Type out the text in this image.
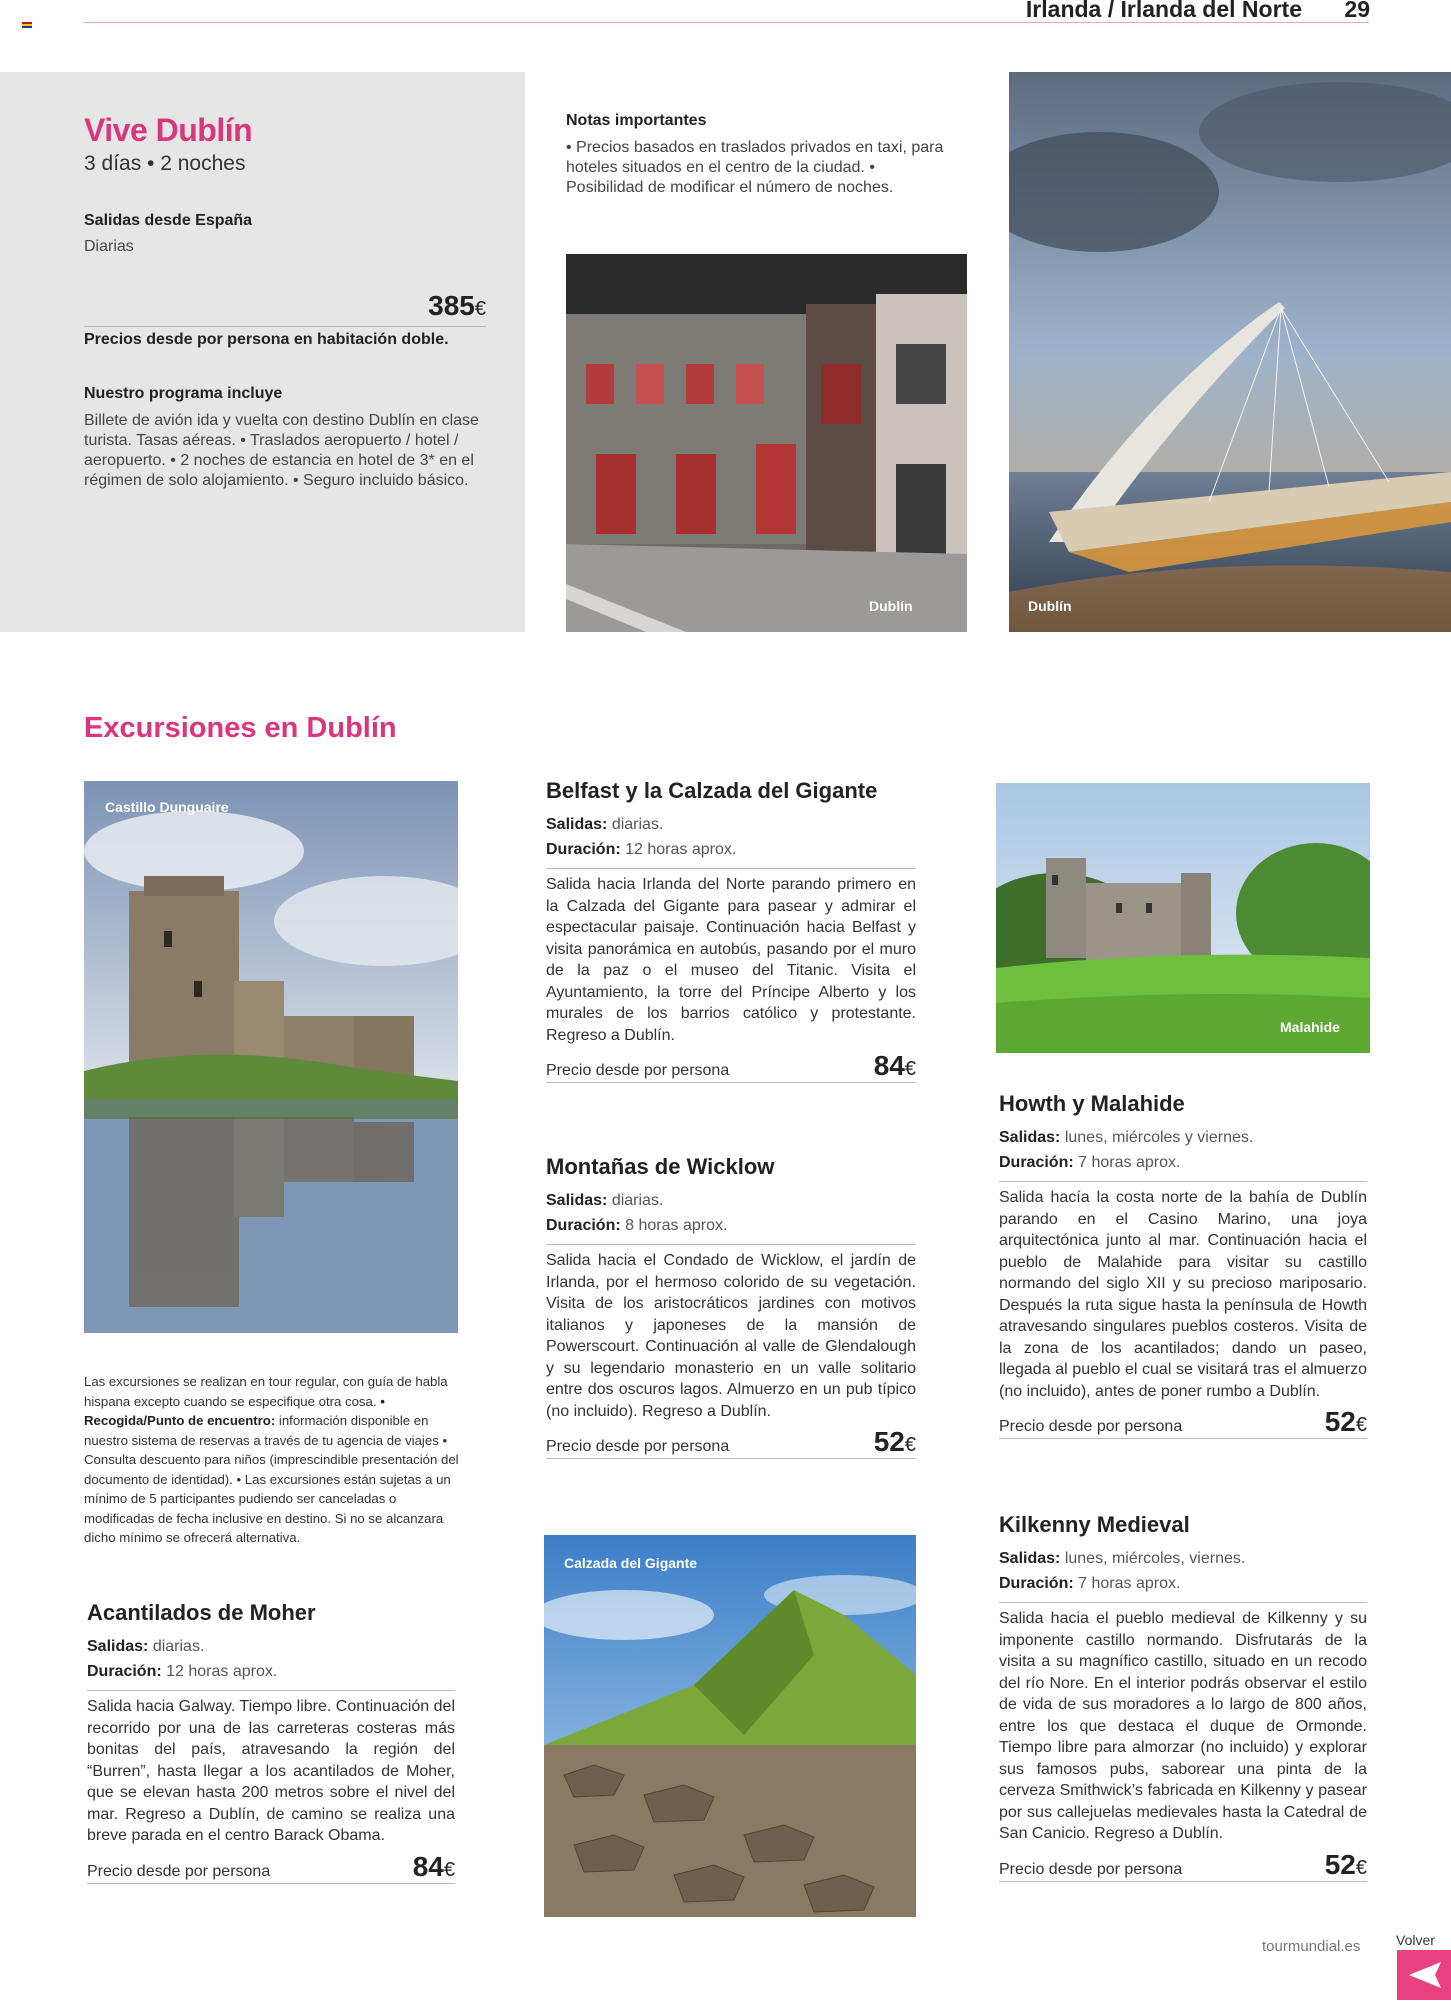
Irlanda / Irlanda del Norte	29
Vive Dublín
3 días • 2 noches
Salidas desde España
Diarias
385€
Precios desde por persona en habitación doble.
Nuestro programa incluye
Billete de avión ida y vuelta con destino Dublín en clase turista. Tasas aéreas. • Traslados aeropuerto / hotel / aeropuerto. • 2 noches de estancia en hotel de 3* en el régimen de solo alojamiento. • Seguro incluido básico.
Notas importantes
• Precios basados en traslados privados en taxi, para hoteles situados en el centro de la ciudad. • Posibilidad de modificar el número de noches.
Dublín	Dublín
Excursiones en Dublín
Castillo Dunguaire
Las excursiones se realizan en tour regular, con guía de habla hispana excepto cuando se especifique otra cosa. • Recogida/Punto de encuentro: información disponible en nuestro sistema de reservas a través de tu agencia de viajes • Consulta descuento para niños (imprescindible presentación del documento de identidad). • Las excursiones están sujetas a un mínimo de 5 participantes pudiendo ser canceladas o modificadas de fecha inclusive en destino. Si no se alcanzara dicho mínimo se ofrecerá alternativa.
Acantilados de Moher
Salidas: diarias.
Duración: 12 horas aprox.
Salida hacia Galway. Tiempo libre. Continuación del recorrido por una de las carreteras costeras más bonitas del país, atravesando la región del “Burren”, hasta llegar a los acantilados de Moher, que se elevan hasta 200 metros sobre el nivel del mar. Regreso a Dublín, de camino se realiza una breve parada en el centro Barack Obama.
Precio desde por persona	84€
Belfast y la Calzada del Gigante
Salidas: diarias.
Duración: 12 horas aprox.
Salida hacia Irlanda del Norte parando primero en la Calzada del Gigante para pasear y admirar el espectacular paisaje. Continuación hacia Belfast y visita panorámica en autobús, pasando por el muro de la paz o el museo del Titanic. Visita el Ayuntamiento, la torre del Príncipe Alberto y los murales de los barrios católico y protestante. Regreso a Dublín.
Precio desde por persona	84€
Montañas de Wicklow
Salidas: diarias.
Duración: 8 horas aprox.
Salida hacia el Condado de Wicklow, el jardín de Irlanda, por el hermoso colorido de su vegetación. Visita de los aristocráticos jardines con motivos italianos y japoneses de la mansión de Powerscourt. Continuación al valle de Glendalough y su legendario monasterio en un valle solitario entre dos oscuros lagos. Almuerzo en un pub típico (no incluido). Regreso a Dublín.
Precio desde por persona	52€
Calzada del Gigante
Malahide
Howth y Malahide
Salidas: lunes, miércoles y viernes.
Duración: 7 horas aprox.
Salida hacía la costa norte de la bahía de Dublín parando en el Casino Marino, una joya arquitectónica junto al mar. Continuación hacia el pueblo de Malahide para visitar su castillo normando del siglo XII y su precioso mariposario. Después la ruta sigue hasta la península de Howth atravesando singulares pueblos costeros. Visita de la zona de los acantilados; dando un paseo, llegada al pueblo el cual se visitará tras el almuerzo (no incluido), antes de poner rumbo a Dublín.
Precio desde por persona	52€
Kilkenny Medieval
Salidas: lunes, miércoles, viernes.
Duración: 7 horas aprox.
Salida hacia el pueblo medieval de Kilkenny y su imponente castillo normando. Disfrutarás de la visita a su magnífico castillo, situado en un recodo del río Nore. En el interior podrás observar el estilo de vida de sus moradores a lo largo de 800 años, entre los que destaca el duque de Ormonde. Tiempo libre para almorzar (no incluido) y explorar sus famosos pubs, saborear una pinta de la cerveza Smithwick’s fabricada en Kilkenny y pasear por sus callejuelas medievales hasta la Catedral de San Canicio. Regreso a Dublín.
Precio desde por persona	52€
tourmundial.es	Volver
